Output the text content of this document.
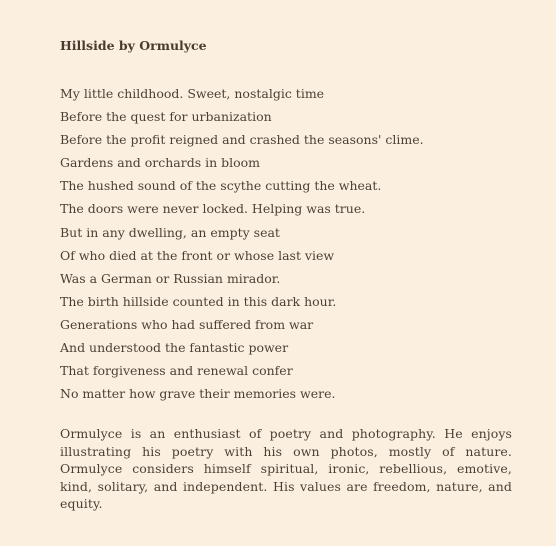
Hillside by Ormulyce
My little childhood. Sweet, nostalgic time
Before the quest for urbanization
Before the profit reigned and crashed the seasons' clime.
Gardens and orchards in bloom
The hushed sound of the scythe cutting the wheat.
The doors were never locked. Helping was true.
But in any dwelling, an empty seat
Of who died at the front or whose last view
Was a German or Russian mirador.
The birth hillside counted in this dark hour.
Generations who had suffered from war
And understood the fantastic power
That forgiveness and renewal confer
No matter how grave their memories were.
Ormulyce is an enthusiast of poetry and photography. He enjoys illustrating his poetry with his own photos, mostly of nature. Ormulyce considers himself spiritual, ironic, rebellious, emotive, kind, solitary, and independent. His values are freedom, nature, and equity.
